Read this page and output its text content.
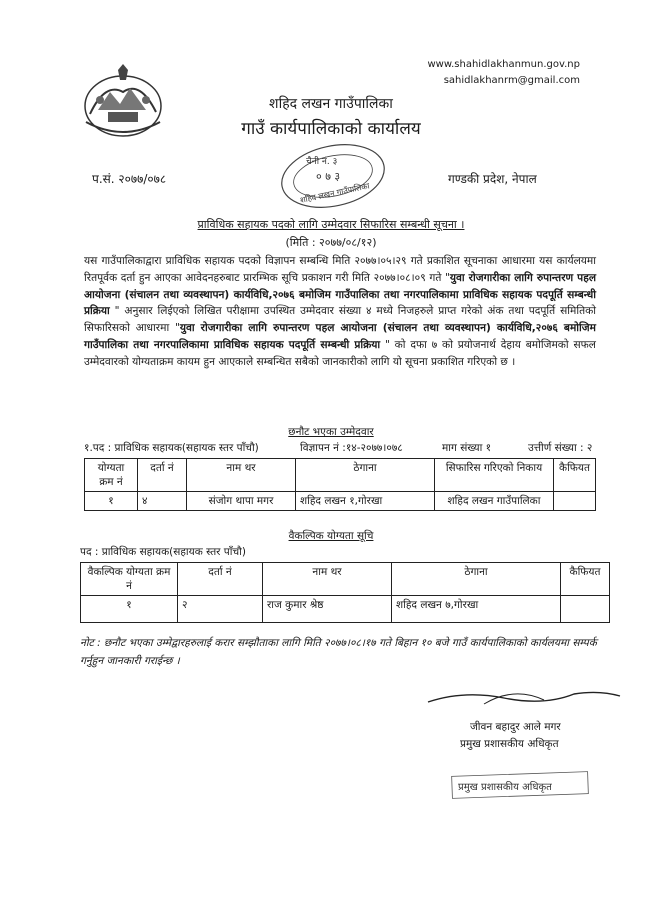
www.shahidlakhanmun.gov.np
sahidlakhanrm@gmail.com
शहिद लखन गाउँपालिका
गाउँ कार्यपालिकाको कार्यालय
प.सं. २०७७/०७८	गण्डकी प्रदेश, नेपाल
चैनी नं. ३
० ७ ३
शहिद लखन गाउँपालिका
प्राविधिक सहायक पदको लागि उम्मेदवार सिफारिस सम्बन्धी सूचना ।
(मिति : २०७७/०८/१२)
यस गाउँपालिकाद्वारा प्राविधिक सहायक पदको विज्ञापन सम्बन्धि मिति २०७७।०५।२९ गते प्रकाशित सूचनाका आधारमा यस कार्यलयमा रितपूर्वक दर्ता हुन आएका आवेदनहरुबाट प्रारम्भिक सूचि प्रकाशन गरी मिति २०७७।०८।०९ गते "युवा रोजगारीका लागि रुपान्तरण पहल आयोजना (संचालन तथा व्यवस्थापन) कार्यविधि,२०७६ बमोजिम गाउँपालिका तथा नगरपालिकामा प्राविधिक सहायक पदपूर्ति सम्बन्धी प्रक्रिया " अनुसार लिईएको लिखित परीक्षामा उपस्थित उम्मेदवार संख्या ४ मध्ये निजहरुले प्राप्त गरेको अंक तथा पदपूर्ति समितिको सिफारिसको आधारमा "युवा रोजगारीका लागि रुपान्तरण पहल आयोजना (संचालन तथा व्यवस्थापन) कार्यविधि,२०७६ बमोजिम गाउँपालिका तथा नगरपालिकामा प्राविधिक सहायक पदपूर्ति सम्बन्धी प्रक्रिया " को दफा ७ को प्रयोजनार्थ देहाय बमोजिमको सफल उम्मेदवारको योग्यताक्रम कायम हुन आएकाले सम्बन्धित सबैको जानकारीको लागि यो सूचना प्रकाशित गरिएको छ ।
छनौट भएका उम्मेदवार
१.पद : प्राविधिक सहायक(सहायक स्तर पाँचौ)	विज्ञापन नं :१४-२०७७।०७८	माग संख्या १	उत्तीर्ण संख्या : २
योग्यता क्रम नं	दर्ता नं	नाम थर	ठेगाना	सिफारिस गरिएको निकाय	कैफियत
१	४	संजोग थापा मगर	शहिद लखन १,गोरखा	शहिद लखन गाउँपालिका	
वैकल्पिक योग्यता सूचि
पद : प्राविधिक सहायक(सहायक स्तर पाँचौ)
वैकल्पिक योग्यता क्रम नं	दर्ता नं	नाम थर	ठेगाना	कैफियत
१	२	राज कुमार श्रेष्ठ	शहिद लखन ७,गोरखा	
नोट : छनौट भएका उम्मेद्वारहरुलाई करार सम्झौताका लागि मिति २०७७।०८।१७ गते बिहान १० बजे गाउँ कार्यपालिकाको कार्यलयमा सम्पर्क गर्नुहुन जानकारी गराईन्छ ।
जीवन बहादुर आले मगर
प्रमुख प्रशासकीय अधिकृत
प्रमुख प्रशासकीय अधिकृत
